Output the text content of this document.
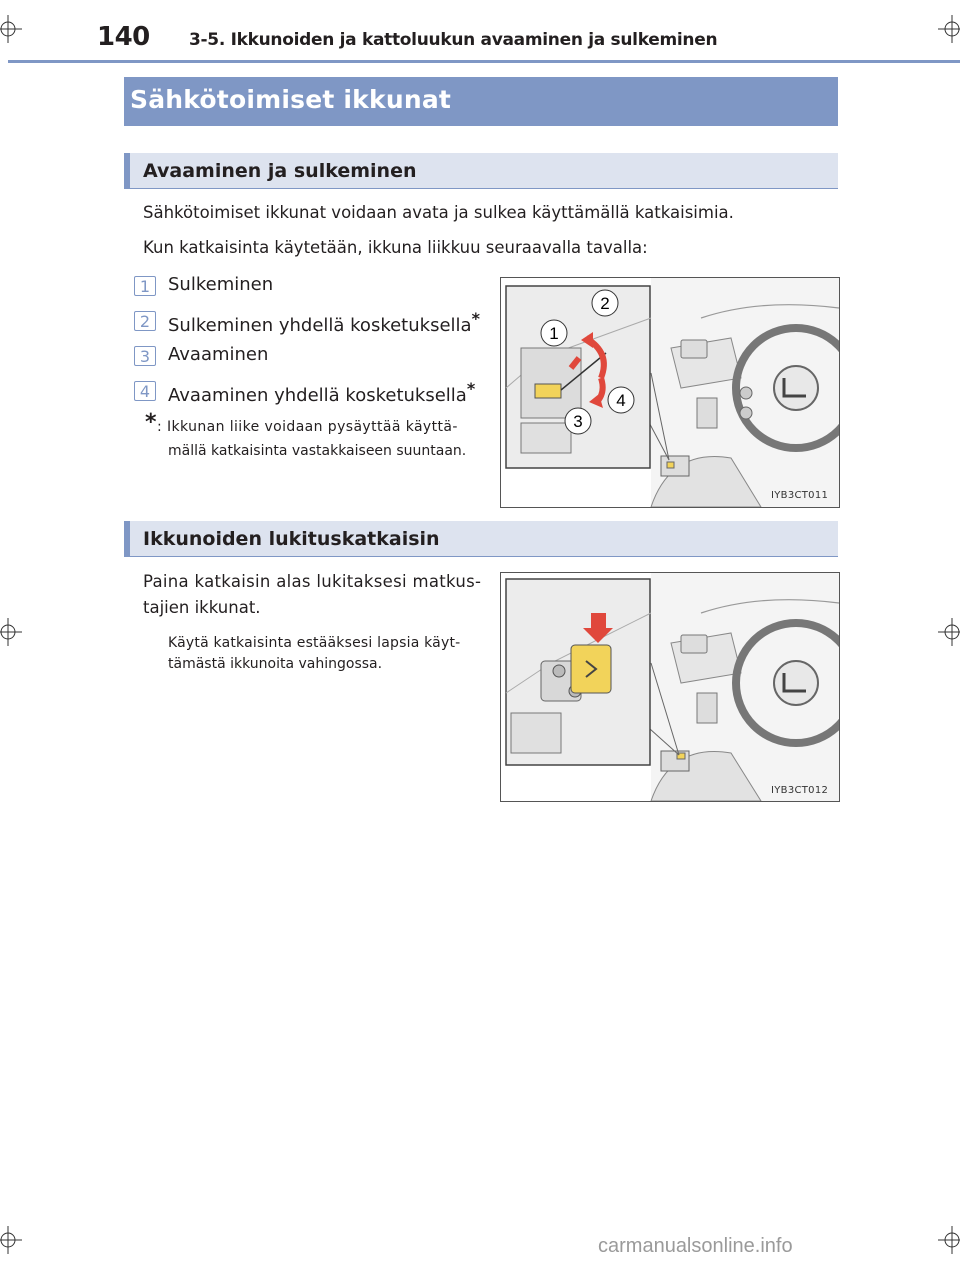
140 3-5. Ikkunoiden ja kattoluukun avaaminen ja sulkeminen
Sähkötoimiset ikkunat
Avaaminen ja sulkeminen
Sähkötoimiset ikkunat voidaan avata ja sulkea käyttämällä katkaisimia.
Kun katkaisinta käytetään, ikkuna liikkuu seuraavalla tavalla:
1 Sulkeminen
2 Sulkeminen yhdellä kosketuksella*
3 Avaaminen
4 Avaaminen yhdellä kosketuksella*
* : Ikkunan liike voidaan pysäyttää käyttä-
mällä katkaisinta vastakkaiseen suuntaan.
2
1
3
4
IYB3CT011
Ikkunoiden lukituskatkaisin
Paina katkaisin alas lukitaksesi matkus-
tajien ikkunat.
Käytä katkaisinta estääksesi lapsia käyt-
tämästä ikkunoita vahingossa.
IYB3CT012
carmanualsonline.info
